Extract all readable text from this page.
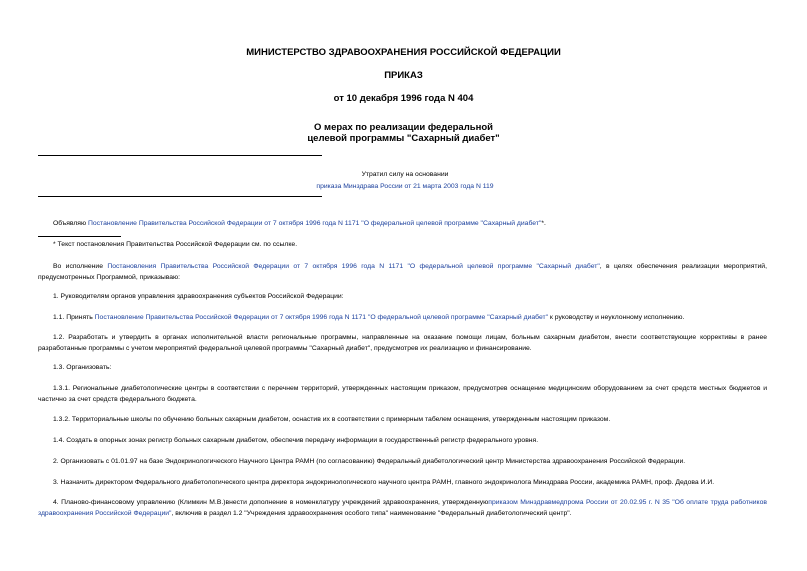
МИНИСТЕРСТВО ЗДРАВООХРАНЕНИЯ РОССИЙСКОЙ ФЕДЕРАЦИИ
ПРИКАЗ
от 10 декабря 1996 года N 404
О мерах по реализации федеральной
целевой программы "Сахарный диабет"
Утратил силу на основании
приказа Минздрава России от 21 марта 2003 года N 119

Объявляю Постановление Правительства Российской Федерации от 7 октября 1996 года N 1171 "О федеральной целевой программе "Сахарный диабет"*.

* Текст постановления Правительства Российской Федерации см. по ссылке.

Во исполнение Постановления Правительства Российской Федерации от 7 октября 1996 года N 1171 "О федеральной целевой программе "Сахарный диабет", в целях обеспечения реализации мероприятий, предусмотренных Программой, приказываю:

1. Руководителям органов управления здравоохранения субъектов Российской Федерации:

1.1. Принять Постановление Правительства Российской Федерации от 7 октября 1996 года N 1171 "О федеральной целевой программе "Сахарный диабет" к руководству и неуклонному исполнению.

1.2. Разработать и утвердить в органах исполнительной власти региональные программы, направленные на оказание помощи лицам, больным сахарным диабетом, внести соответствующие коррективы в ранее разработанные программы с учетом мероприятий федеральной целевой программы "Сахарный диабет", предусмотрев их реализацию и финансирование.

1.3. Организовать:

1.3.1. Региональные диабетологические центры в соответствии с перечнем территорий, утвержденных настоящим приказом, предусмотрев оснащение медицинским оборудованием за счет средств местных бюджетов и частично за счет средств федерального бюджета.

1.3.2. Территориальные школы по обучению больных сахарным диабетом, оснастив их в соответствии с примерным табелем оснащения, утвержденным настоящим приказом.

1.4. Создать в опорных зонах регистр больных сахарным диабетом, обеспечив передачу информации в государственный регистр федерального уровня.

2. Организовать с 01.01.97 на базе Эндокринологического Научного Центра РАМН (по согласованию) Федеральный диабетологический центр Министерства здравоохранения Российской Федерации.

3. Назначить директором Федерального диабетологического центра директора эндокринологического научного центра РАМН, главного эндокринолога Минздрава России, академика РАМН, проф. Дедова И.И.

4. Планово-финансовому управлению (Климкин М.В.)внести дополнение в номенклатуру учреждений здравоохранения, утвержденнуюприказом Минздравмедпрома России от 20.02.95 г. N 35 "Об оплате труда работников здравоохранения Российской Федерации", включив в раздел 1.2 "Учреждения здравоохранения особого типа" наименование "Федеральный диабетологический центр".
